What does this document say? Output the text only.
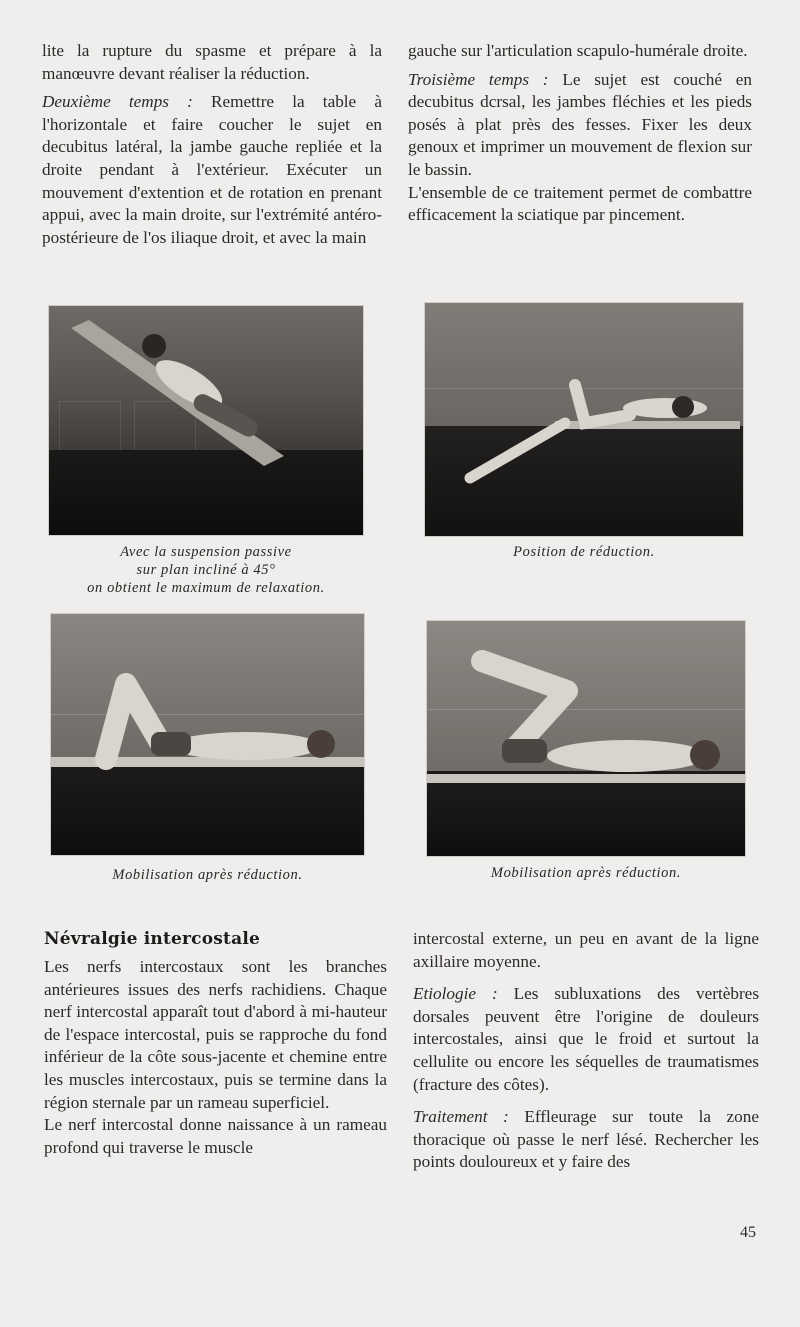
lite la rupture du spasme et prépare à la manœuvre devant réaliser la réduction.

Deuxième temps : Remettre la table à l'horizontale et faire coucher le sujet en decubitus latéral, la jambe gauche repliée et la droite pendant à l'extérieur. Exécuter un mouvement d'extention et de rotation en prenant appui, avec la main droite, sur l'extrémité antéro-postérieure de l'os iliaque droit, et avec la main

gauche sur l'articulation scapulo-humérale droite.

Troisième temps : Le sujet est couché en decubitus dcrsal, les jambes fléchies et les pieds posés à plat près des fesses. Fixer les deux genoux et imprimer un mouvement de flexion sur le bassin.

L'ensemble de ce traitement permet de combattre efficacement la sciatique par pincement.

Avec la suspension passive
sur plan incliné à 45°
on obtient le maximum de relaxation.
Position de réduction.
Mobilisation après réduction.	Mobilisation après réduction.
Névralgie intercostale

Les nerfs intercostaux sont les branches antérieures issues des nerfs rachidiens. Chaque nerf intercostal apparaît tout d'abord à mi-hauteur de l'espace intercostal, puis se rapproche du fond inférieur de la côte sous-jacente et chemine entre les muscles intercostaux, puis se termine dans la région sternale par un rameau superficiel.

Le nerf intercostal donne naissance à un rameau profond qui traverse le muscle

intercostal externe, un peu en avant de la ligne axillaire moyenne.

Etiologie : Les subluxations des vertèbres dorsales peuvent être l'origine de douleurs intercostales, ainsi que le froid et surtout la cellulite ou encore les séquelles de traumatismes (fracture des côtes).

Traitement : Effleurage sur toute la zone thoracique où passe le nerf lésé. Rechercher les points douloureux et y faire des

45
